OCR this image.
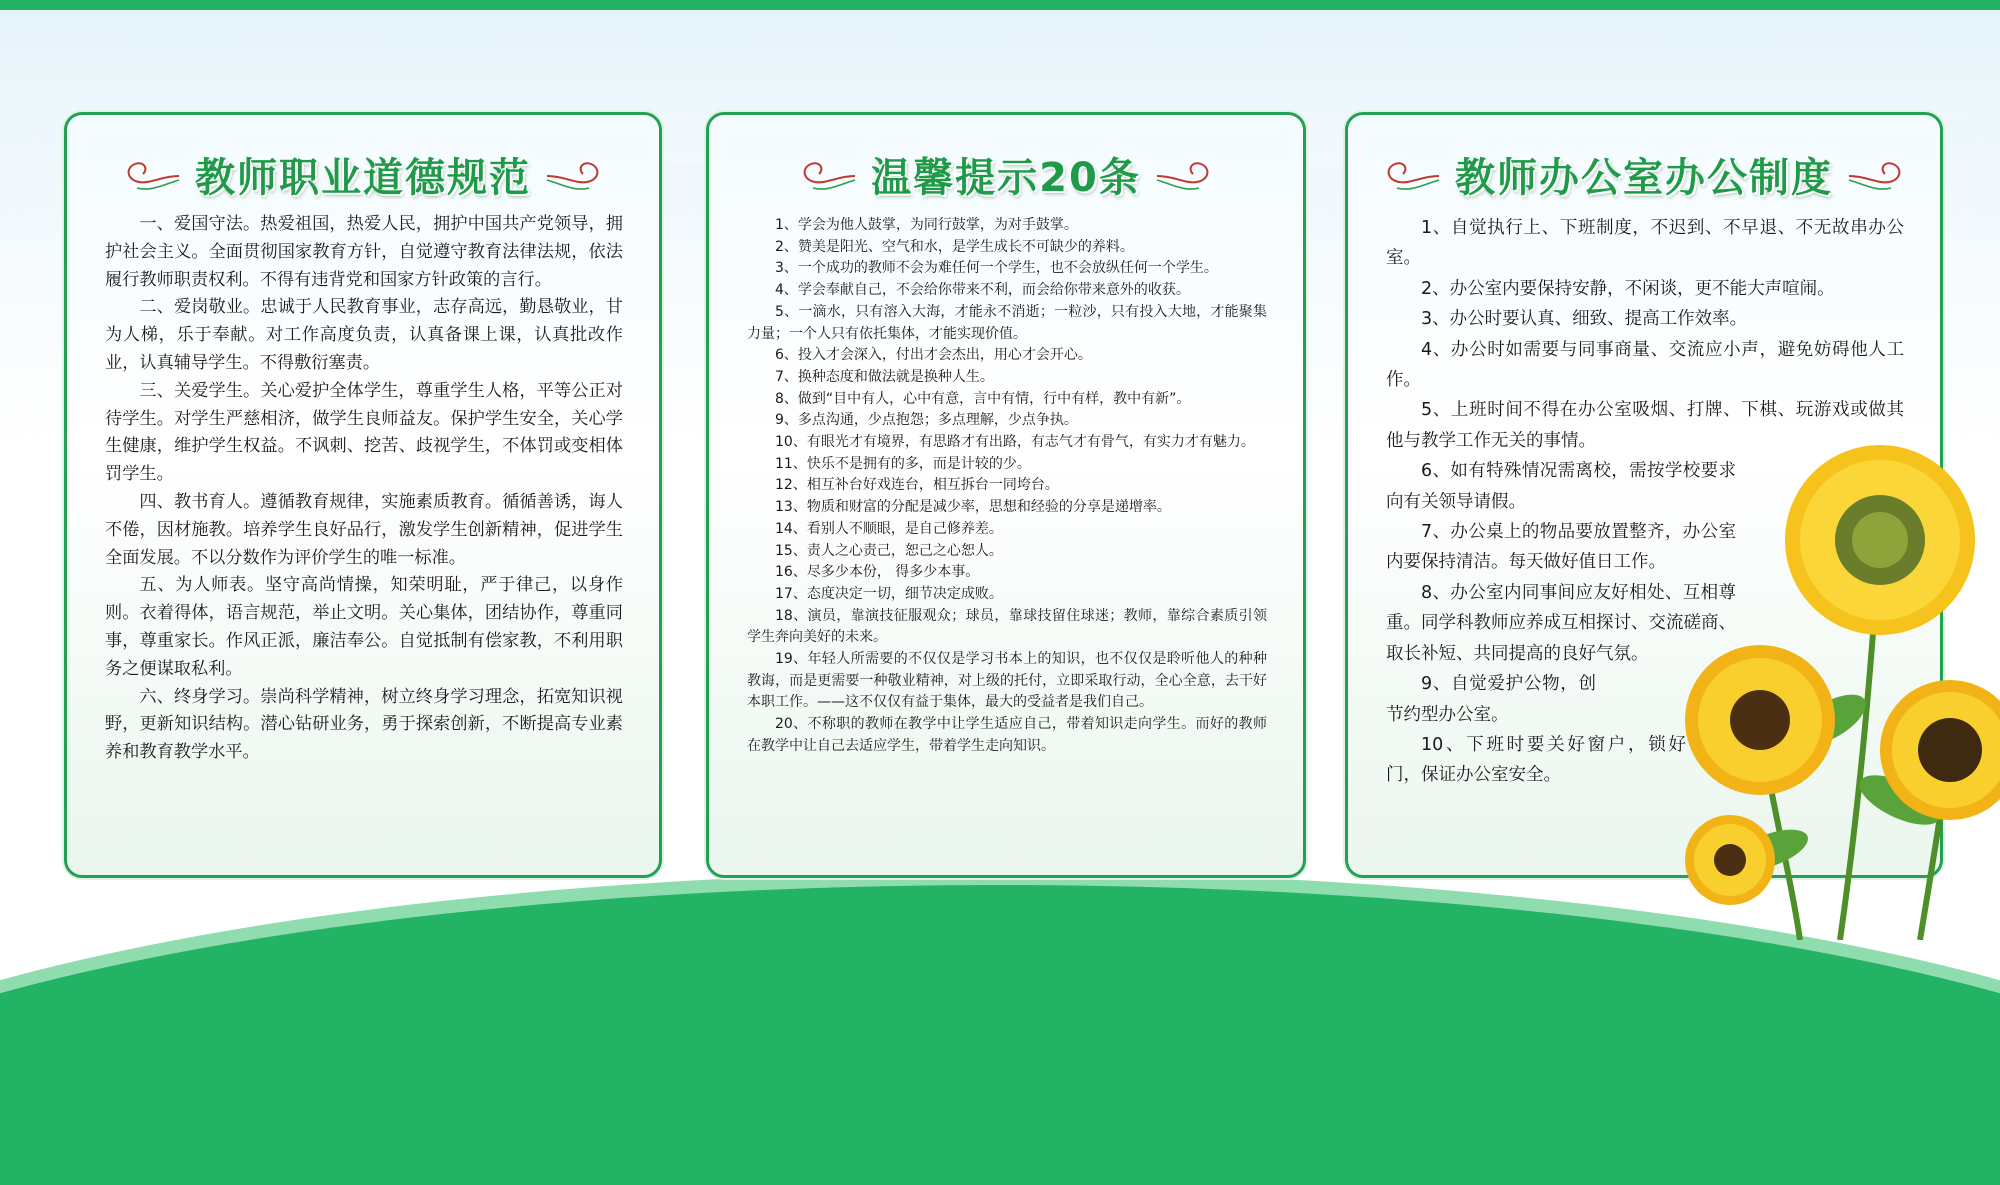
教师职业道德规范

一、爱国守法。热爱祖国，热爱人民，拥护中国共产党领导，拥护社会主义。全面贯彻国家教育方针，自觉遵守教育法律法规，依法履行教师职责权利。不得有违背党和国家方针政策的言行。

二、爱岗敬业。忠诚于人民教育事业，志存高远，勤恳敬业，甘为人梯，乐于奉献。对工作高度负责，认真备课上课，认真批改作业，认真辅导学生。不得敷衍塞责。

三、关爱学生。关心爱护全体学生，尊重学生人格，平等公正对待学生。对学生严慈相济，做学生良师益友。保护学生安全，关心学生健康，维护学生权益。不讽刺、挖苦、歧视学生，不体罚或变相体罚学生。

四、教书育人。遵循教育规律，实施素质教育。循循善诱，诲人不倦，因材施教。培养学生良好品行，激发学生创新精神，促进学生全面发展。不以分数作为评价学生的唯一标准。

五、为人师表。坚守高尚情操，知荣明耻，严于律己，以身作则。衣着得体，语言规范，举止文明。关心集体，团结协作，尊重同事，尊重家长。作风正派，廉洁奉公。自觉抵制有偿家教，不利用职务之便谋取私利。

六、终身学习。崇尚科学精神，树立终身学习理念，拓宽知识视野，更新知识结构。潜心钻研业务，勇于探索创新，不断提高专业素养和教育教学水平。

温馨提示20条

1、学会为他人鼓掌，为同行鼓掌，为对手鼓掌。

2、赞美是阳光、空气和水，是学生成长不可缺少的养料。

3、一个成功的教师不会为难任何一个学生，也不会放纵任何一个学生。

4、学会奉献自己，不会给你带来不利，而会给你带来意外的收获。

5、一滴水，只有溶入大海，才能永不消逝；一粒沙，只有投入大地，才能聚集力量；一个人只有依托集体，才能实现价值。

6、投入才会深入，付出才会杰出，用心才会开心。

7、换种态度和做法就是换种人生。

8、做到“目中有人，心中有意，言中有情，行中有样，教中有新”。

9、多点沟通，少点抱怨；多点理解，少点争执。

10、有眼光才有境界，有思路才有出路，有志气才有骨气，有实力才有魅力。

11、快乐不是拥有的多，而是计较的少。

12、相互补台好戏连台，相互拆台一同垮台。

13、物质和财富的分配是减少率，思想和经验的分享是递增率。

14、看别人不顺眼，是自己修养差。

15、责人之心责己，恕己之心恕人。

16、尽多少本份， 得多少本事。

17、态度决定一切，细节决定成败。

18、演员，靠演技征服观众；球员，靠球技留住球迷；教师，靠综合素质引领学生奔向美好的未来。

19、年轻人所需要的不仅仅是学习书本上的知识，也不仅仅是聆听他人的种种教诲，而是更需要一种敬业精神，对上级的托付，立即采取行动，全心全意，去干好本职工作。——这不仅仅有益于集体，最大的受益者是我们自己。

20、不称职的教师在教学中让学生适应自己，带着知识走向学生。而好的教师在教学中让自己去适应学生，带着学生走向知识。

教师办公室办公制度

1、自觉执行上、下班制度，不迟到、不早退、不无故串办公室。

2、办公室内要保持安静，不闲谈，更不能大声喧闹。

3、办公时要认真、细致、提高工作效率。

4、办公时如需要与同事商量、交流应小声，避免妨碍他人工作。

5、上班时间不得在办公室吸烟、打牌、下棋、玩游戏或做其他与教学工作无关的事情。

6、如有特殊情况需离校，需按学校要求向有关领导请假。

7、办公桌上的物品要放置整齐，办公室内要保持清洁。每天做好值日工作。

8、办公室内同事间应友好相处、互相尊重。同学科教师应养成互相探讨、交流磋商、取长补短、共同提高的良好气氛。

9、自觉爱护公物，创节约型办公室。

10、下班时要关好窗户，锁好门，保证办公室安全。
